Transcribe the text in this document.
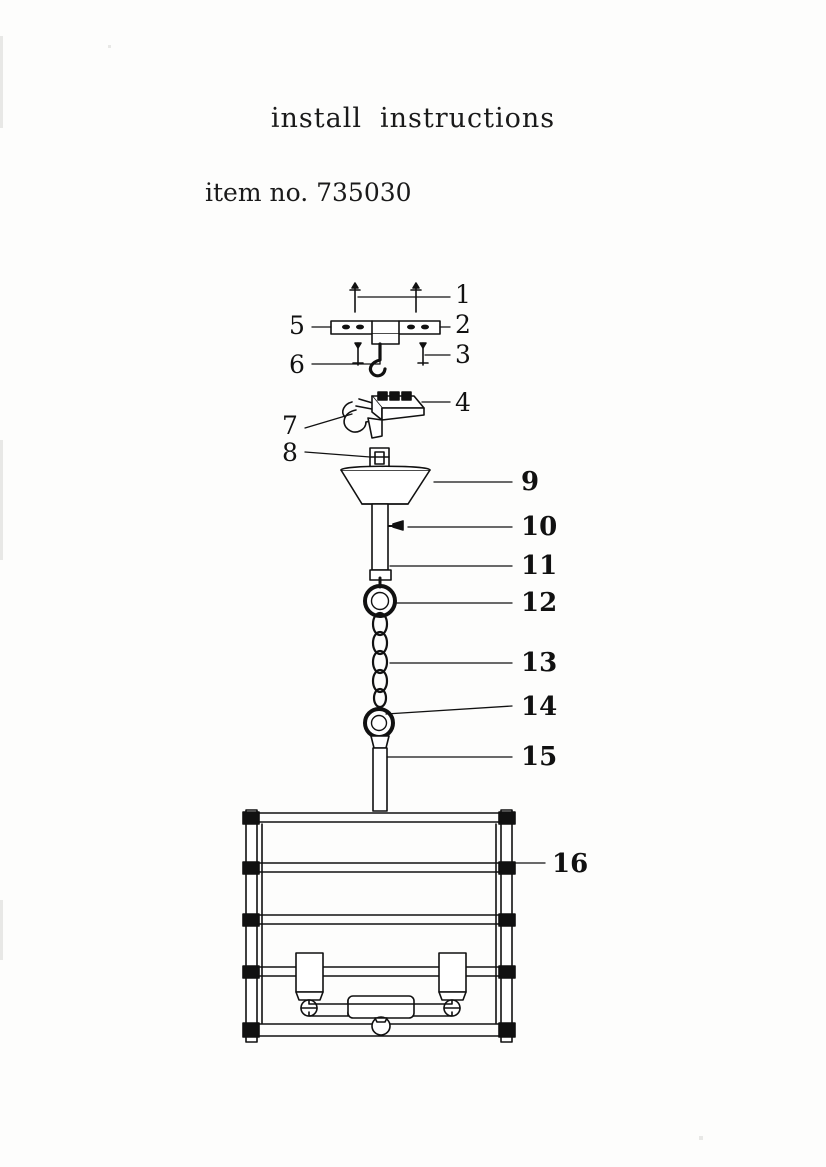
install instructions
item no. 735030
1
2
3
4
5
6
7
8
9
10
11
12
13
14
15
16
